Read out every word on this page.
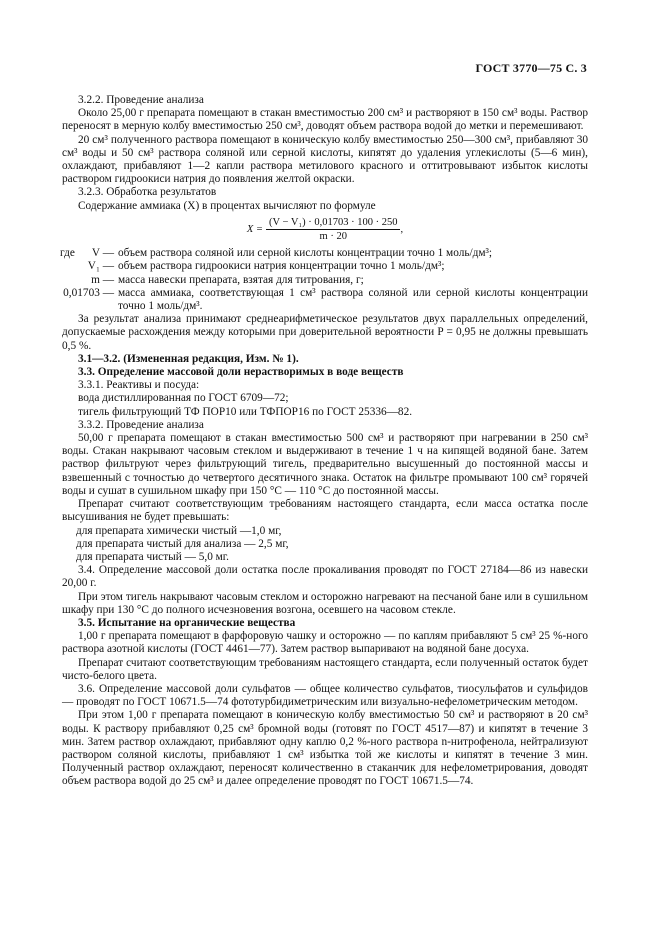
ГОСТ 3770—75 С. 3

3.2.2. Проведение анализа

Около 25,00 г препарата помещают в стакан вместимостью 200 см³ и растворяют в 150 см³ воды. Раствор переносят в мерную колбу вместимостью 250 см³, доводят объем раствора водой до метки и перемешивают.

20 см³ полученного раствора помещают в коническую колбу вместимостью 250—300 см³, прибавляют 30 см³ воды и 50 см³ раствора соляной или серной кислоты, кипятят до удаления углекислоты (5—6 мин), охлаждают, прибавляют 1—2 капли раствора метилового красного и оттитровывают избыток кислоты раствором гидроокиси натрия до появления желтой окраски.

3.2.3. Обработка результатов

Содержание аммиака (X) в процентах вычисляют по формуле

$X = \frac{\text{(V − V₁) · 0,01703 · 100 · 250}}{m \cdot 20}$ ,
где	V — объем раствора соляной или серной кислоты концентрации точно 1 моль/дм³;
V₁ — объем раствора гидроокиси натрия концентрации точно 1 моль/дм³;
m — масса навески препарата, взятая для титрования, г;
0,01703 — масса аммиака, соответствующая 1 см³ раствора соляной или серной кислоты концентрации точно 1 моль/дм³.

За результат анализа принимают среднеарифметическое результатов двух параллельных определений, допускаемые расхождения между которыми при доверительной вероятности P = 0,95 не должны превышать 0,5 %.

3.1—3.2. (Измененная редакция, Изм. № 1).

3.3. Определение массовой доли нерастворимых в воде веществ

3.3.1. Реактивы и посуда:

вода дистиллированная по ГОСТ 6709—72;

тигель фильтрующий ТФ ПОР10 или ТФПОР16 по ГОСТ 25336—82.

3.3.2. Проведение анализа

50,00 г препарата помещают в стакан вместимостью 500 см³ и растворяют при нагревании в 250 см³ воды. Стакан накрывают часовым стеклом и выдерживают в течение 1 ч на кипящей водяной бане. Затем раствор фильтруют через фильтрующий тигель, предварительно высушенный до постоянной массы и взвешенный с точностью до четвертого десятичного знака. Остаток на фильтре промывают 100 см³ горячей воды и сушат в сушильном шкафу при 150 °С — 110 °С до постоянной массы.

Препарат считают соответствующим требованиям настоящего стандарта, если масса остатка после высушивания не будет превышать:

для препарата химически чистый —1,0 мг,

для препарата чистый для анализа — 2,5 мг,

для препарата чистый — 5,0 мг.

3.4. Определение массовой доли остатка после прокаливания проводят по ГОСТ 27184—86 из навески 20,00 г.

При этом тигель накрывают часовым стеклом и осторожно нагревают на песчаной бане или в сушильном шкафу при 130 °С до полного исчезновения возгона, осевшего на часовом стекле.

3.5. Испытание на органические вещества

1,00 г препарата помещают в фарфоровую чашку и осторожно — по каплям прибавляют 5 см³ 25 %-ного раствора азотной кислоты (ГОСТ 4461—77). Затем раствор выпаривают на водяной бане досуха.

Препарат считают соответствующим требованиям настоящего стандарта, если полученный остаток будет чисто-белого цвета.

3.6. Определение массовой доли сульфатов — общее количество сульфатов, тиосульфатов и сульфидов — проводят по ГОСТ 10671.5—74 фототурбидиметрическим или визуально-нефелометрическим методом.

При этом 1,00 г препарата помещают в коническую колбу вместимостью 50 см³ и растворяют в 20 см³ воды. К раствору прибавляют 0,25 см³ бромной воды (готовят по ГОСТ 4517—87) и кипятят в течение 3 мин. Затем раствор охлаждают, прибавляют одну каплю 0,2 %-ного раствора n-нитрофенола, нейтрализуют раствором соляной кислоты, прибавляют 1 см³ избытка той же кислоты и кипятят в течение 3 мин. Полученный раствор охлаждают, переносят количественно в стаканчик для нефелометрирования, доводят объем раствора водой до 25 см³ и далее определение проводят по ГОСТ 10671.5—74.
